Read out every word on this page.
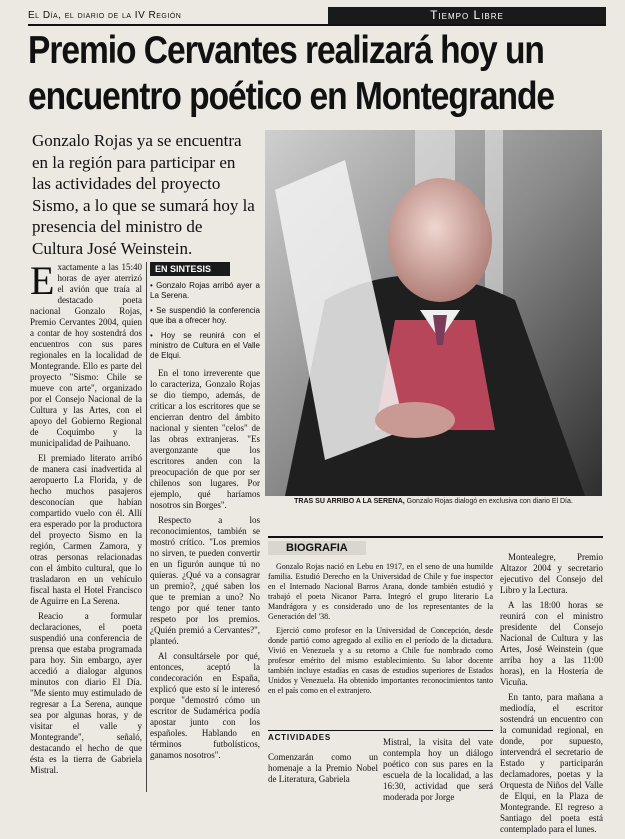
El Día, el diario de la IV Región	Tiempo Libre
Premio Cervantes realizará hoy un
encuentro poético en Montegrande
Gonzalo Rojas ya se encuentra en la región para participar en las actividades del proyecto Sismo, a lo que se sumará hoy la presencia del ministro de Cultura José Weinstein.
TRAS SU ARRIBO A LA SERENA, Gonzalo Rojas dialogó en exclusiva con diario El Día.

Exactamente a las 15:40 horas de ayer aterrizó el avión que traía al destacado poeta nacional Gonzalo Rojas, Premio Cervantes 2004, quien a contar de hoy sostendrá dos encuentros con sus pares regionales en la localidad de Montegrande. Ello es parte del proyecto "Sismo: Chile se mueve con arte", organizado por el Consejo Nacional de la Cultura y las Artes, con el apoyo del Gobierno Regional de Coquimbo y la municipalidad de Paihuano.

El premiado literato arribó de manera casi inadvertida al aeropuerto La Florida, y de hecho muchos pasajeros desconocían que habían compartido vuelo con él. Allí era esperado por la productora del proyecto Sismo en la región, Carmen Zamora, y otras personas relacionadas con el ámbito cultural, que lo trasladaron en un vehículo fiscal hasta el Hotel Francisco de Aguirre en La Serena.

Reacio a formular declaraciones, el poeta suspendió una conferencia de prensa que estaba programada para hoy. Sin embargo, ayer accedió a dialogar algunos minutos con diario El Día. "Me siento muy estimulado de regresar a La Serena, aunque sea por algunas horas, y de visitar el valle y Montegrande", señaló, destacando el hecho de que ésta es la tierra de Gabriela Mistral.

EN SINTESIS
• Gonzalo Rojas arribó ayer a La Serena.
• Se suspendió la conferencia que iba a ofrecer hoy.
• Hoy se reunirá con el ministro de Cultura en el Valle de Elqui.

En el tono irreverente que lo caracteriza, Gonzalo Rojas se dio tiempo, además, de criticar a los escritores que se encierran dentro del ámbito nacional y sienten "celos" de las obras extranjeras. "Es avergonzante que los escritores anden con la preocupación de que por ser chilenos son lugares. Por ejemplo, qué haríamos nosotros sin Borges".

Respecto a los reconocimientos, también se mostró crítico. "Los premios no sirven, te pueden convertir en un figurón aunque tú no quieras. ¿Qué va a consagrar un premio?, ¿qué saben los que te premian a uno? No tengo por qué tener tanto respeto por los premios. ¿Quién premió a Cervantes?", planteó.

Al consultársele por qué, entonces, aceptó la condecoración en España, explicó que esto sí le interesó porque "demostró cómo un escritor de Sudamérica podía apostar junto con los españoles. Hablando en términos futbolísticos, ganamos nosotros".

BIOGRAFIA

Gonzalo Rojas nació en Lebu en 1917, en el seno de una humilde familia. Estudió Derecho en la Universidad de Chile y fue inspector en el Internado Nacional Barros Arana, donde también estudió y trabajó el poeta Nicanor Parra. Integró el grupo literario La Mandrágora y es considerado uno de los representantes de la Generación del '38.

Ejerció como profesor en la Universidad de Concepción, desde donde partió como agregado al exilio en el período de la dictadura. Vivió en Venezuela y a su retorno a Chile fue nombrado como profesor emérito del mismo establecimiento. Su labor docente también incluye estadías en casas de estudios superiores de Estados Unidos y Venezuela. Ha obtenido importantes reconocimientos tanto en el país como en el extranjero.

Montealegre, Premio Altazor 2004 y secretario ejecutivo del Consejo del Libro y la Lectura.

A las 18:00 horas se reunirá con el ministro presidente del Consejo Nacional de Cultura y las Artes, José Weinstein (que arriba hoy a las 11:00 horas), en la Hostería de Vicuña.

En tanto, para mañana a mediodía, el escritor sostendrá un encuentro con la comunidad regional, en donde, por supuesto, intervendrá el secretario de Estado y participarán declamadores, poetas y la Orquesta de Niños del Valle de Elqui, en la Plaza de Montegrande. El regreso a Santiago del poeta está contemplado para el lunes.

ACTIVIDADES

Comenzarán como un homenaje a la Premio Nobel de Literatura, Gabriela

Mistral, la visita del vate contempla hoy un diálogo poético con sus pares en la escuela de la localidad, a las 16:30, actividad que será moderada por Jorge
